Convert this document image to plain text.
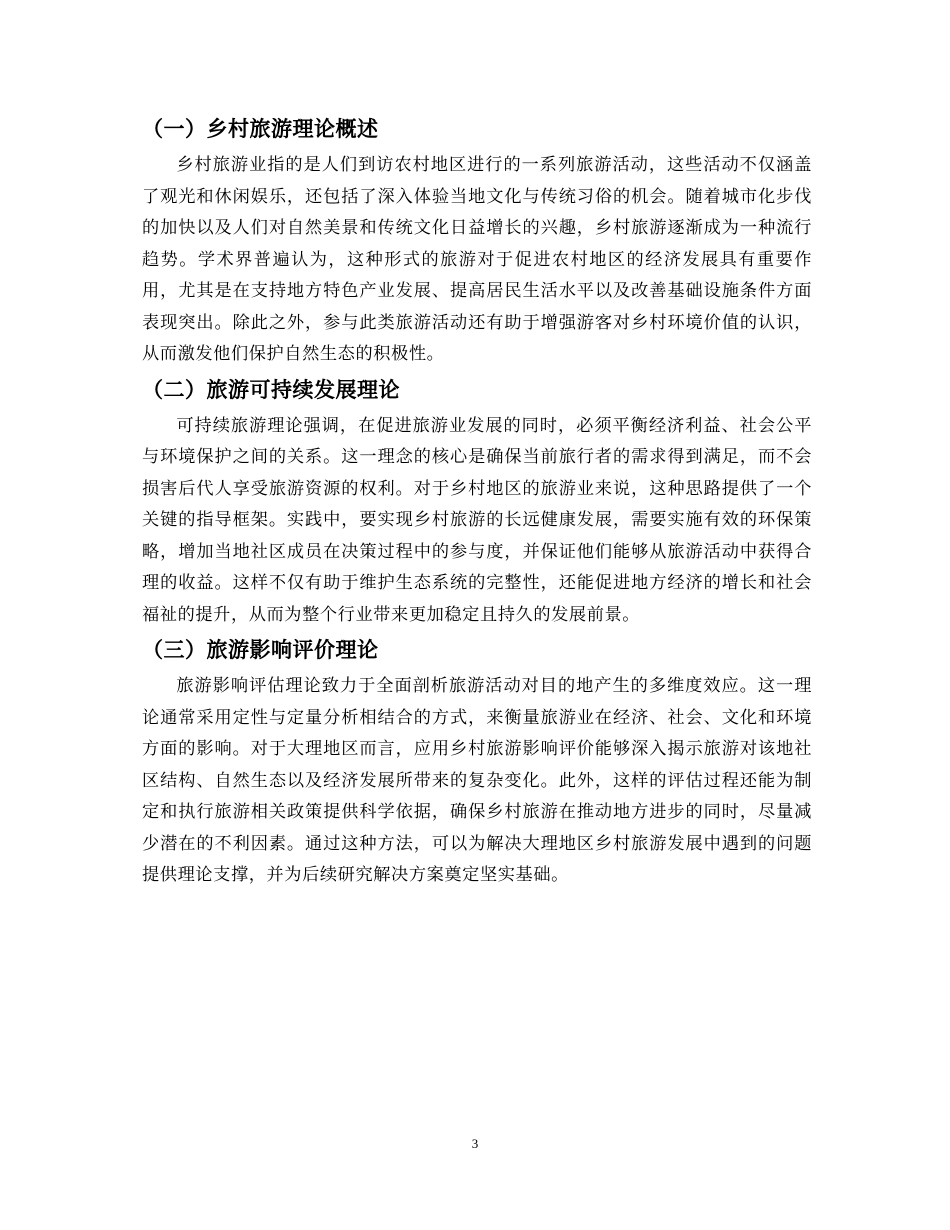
（一）乡村旅游理论概述

乡村旅游业指的是人们到访农村地区进行的一系列旅游活动，这些活动不仅涵盖了观光和休闲娱乐，还包括了深入体验当地文化与传统习俗的机会。随着城市化步伐的加快以及人们对自然美景和传统文化日益增长的兴趣，乡村旅游逐渐成为一种流行趋势。学术界普遍认为，这种形式的旅游对于促进农村地区的经济发展具有重要作用，尤其是在支持地方特色产业发展、提高居民生活水平以及改善基础设施条件方面表现突出。除此之外，参与此类旅游活动还有助于增强游客对乡村环境价值的认识，从而激发他们保护自然生态的积极性。

（二）旅游可持续发展理论

可持续旅游理论强调，在促进旅游业发展的同时，必须平衡经济利益、社会公平与环境保护之间的关系。这一理念的核心是确保当前旅行者的需求得到满足，而不会损害后代人享受旅游资源的权利。对于乡村地区的旅游业来说，这种思路提供了一个关键的指导框架。实践中，要实现乡村旅游的长远健康发展，需要实施有效的环保策略，增加当地社区成员在决策过程中的参与度，并保证他们能够从旅游活动中获得合理的收益。这样不仅有助于维护生态系统的完整性，还能促进地方经济的增长和社会福祉的提升，从而为整个行业带来更加稳定且持久的发展前景。

（三）旅游影响评价理论

旅游影响评估理论致力于全面剖析旅游活动对目的地产生的多维度效应。这一理论通常采用定性与定量分析相结合的方式，来衡量旅游业在经济、社会、文化和环境方面的影响。对于大理地区而言，应用乡村旅游影响评价能够深入揭示旅游对该地社区结构、自然生态以及经济发展所带来的复杂变化。此外，这样的评估过程还能为制定和执行旅游相关政策提供科学依据，确保乡村旅游在推动地方进步的同时，尽量减少潜在的不利因素。通过这种方法，可以为解决大理地区乡村旅游发展中遇到的问题提供理论支撑，并为后续研究解决方案奠定坚实基础。

3
